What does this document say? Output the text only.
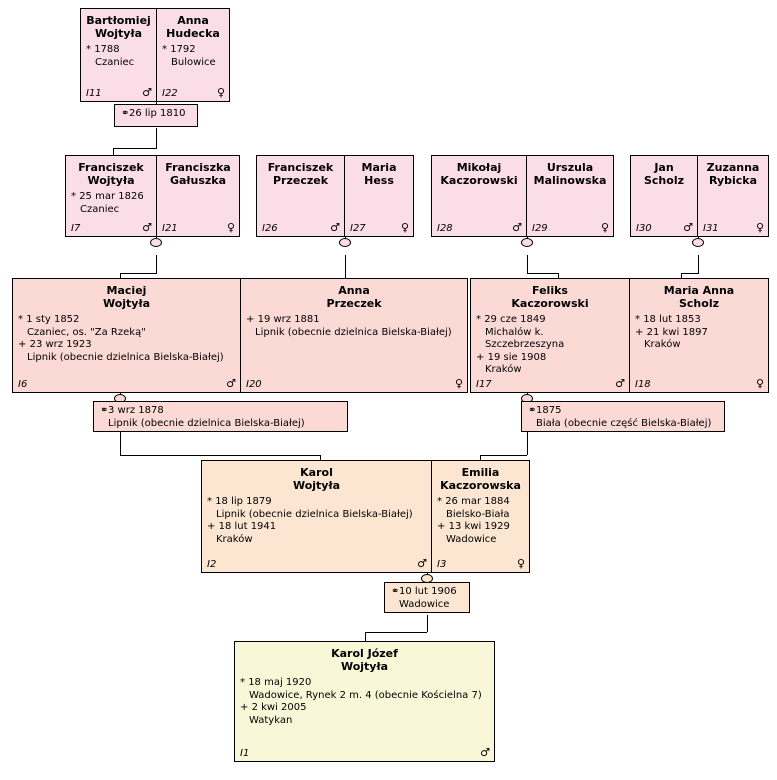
Bartłomiej
Wojtyła
* 1788

Czaniec
I11	♂
Anna
Hudecka
* 1792

Bulowice
I22	♀
⚭26 lip 1810
Franciszek
Wojtyła
* 25 mar 1826

Czaniec
I7	♂
Franciszka
Gałuszka
I21	♀
Franciszek
Przeczek
I26	♂
Maria
Hess
I27	♀
Mikołaj
Kaczorowski
I28	♂
Urszula
Malinowska
I29	♀
Jan
Scholz
I30	♂
Zuzanna
Rybicka
I31	♀
Maciej
Wojtyła
* 1 sty 1852

Czaniec, os. "Za Rzeką"
+ 23 wrz 1923

Lipnik (obecnie dzielnica Bielska-Białej)
I6	♂
Anna
Przeczek
+ 19 wrz 1881

Lipnik (obecnie dzielnica Bielska-Białej)
I20	♀
Feliks
Kaczorowski
* 29 cze 1849

Michalów k. Szczebrzeszyna
+ 19 sie 1908

Kraków
I17	♂
Maria Anna
Scholz
* 18 lut 1853
+ 21 kwi 1897

Kraków
I18	♀
⚭3 wrz 1878
Lipnik (obecnie dzielnica Bielska-Białej)
⚭1875
Biała (obecnie część Bielska-Białej)
Karol
Wojtyła
* 18 lip 1879

Lipnik (obecnie dzielnica Bielska-Białej)
+ 18 lut 1941

Kraków
I2	♂
Emilia
Kaczorowska
* 26 mar 1884

Bielsko-Biała
+ 13 kwi 1929

Wadowice
I3	♀
⚭10 lut 1906
Wadowice
Karol Józef
Wojtyła
* 18 maj 1920

Wadowice, Rynek 2 m. 4 (obecnie Kościelna 7)
+ 2 kwi 2005

Watykan
I1	♂
